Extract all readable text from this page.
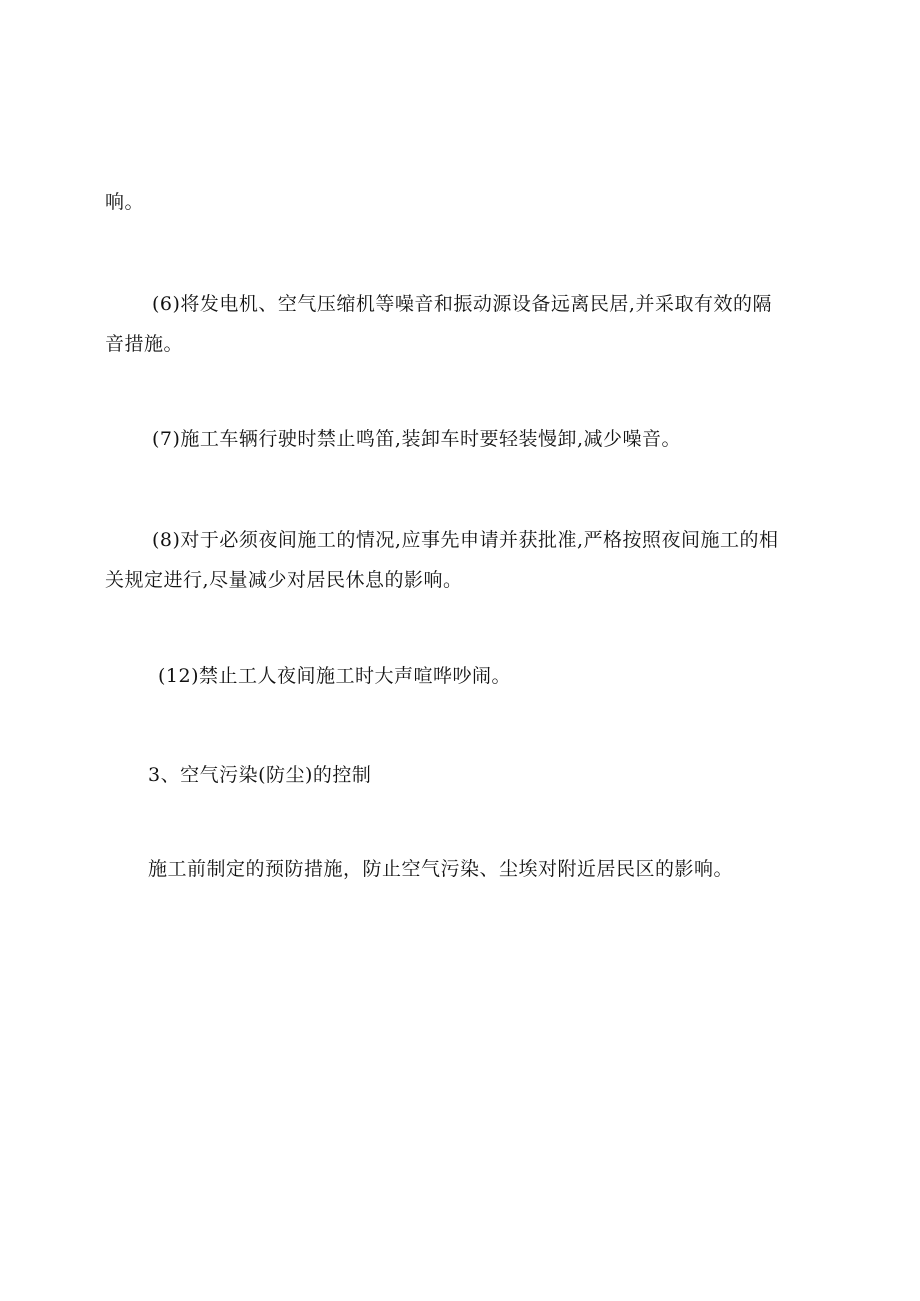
响。
(6)将发电机、空气压缩机等噪音和振动源设备远离民居,并采取有效的隔
音措施。
(7)施工车辆行驶时禁止鸣笛,装卸车时要轻装慢卸,减少噪音。
(8)对于必须夜间施工的情况,应事先申请并获批准,严格按照夜间施工的相
关规定进行,尽量减少对居民休息的影响。
(12)禁止工人夜间施工时大声喧哗吵闹。
3、空气污染(防尘)的控制
施工前制定的预防措施，防止空气污染、尘埃对附近居民区的影响。
